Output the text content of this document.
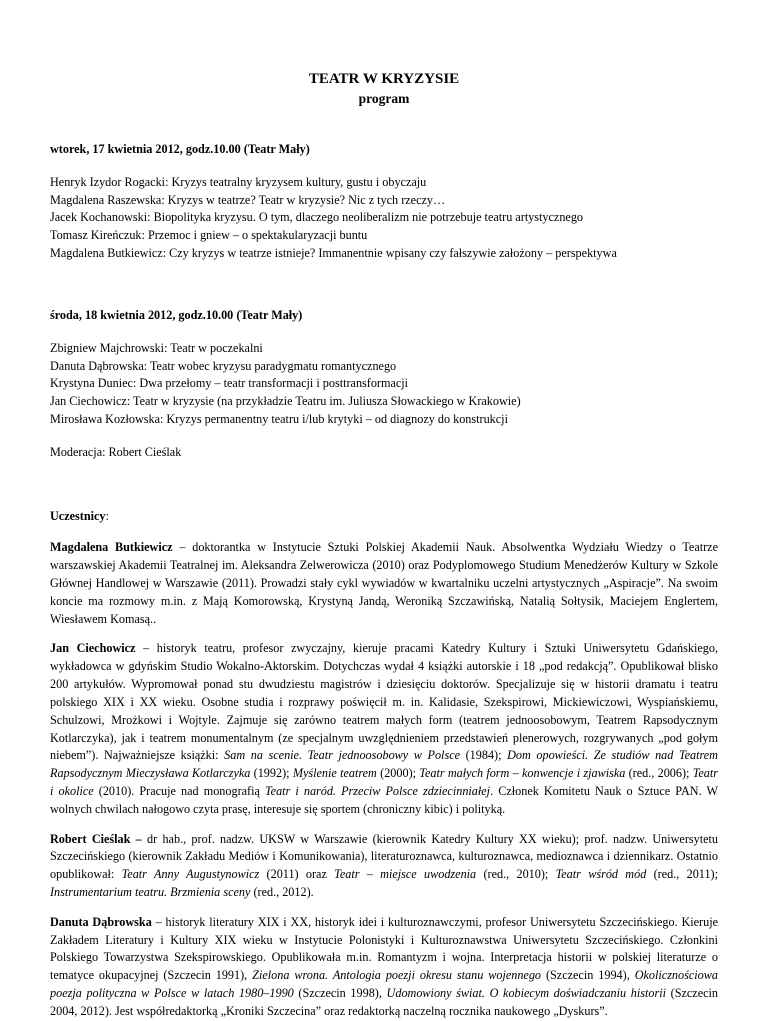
TEATR W KRYZYSIE

program

wtorek, 17 kwietnia 2012, godz.10.00 (Teatr Mały)

Henryk Izydor Rogacki: Kryzys teatralny kryzysem kultury, gustu i obyczaju

Magdalena Raszewska: Kryzys w teatrze? Teatr w kryzysie? Nic z tych rzeczy…

Jacek Kochanowski: Biopolityka kryzysu. O tym, dlaczego neoliberalizm nie potrzebuje teatru artystycznego

Tomasz Kireńczuk: Przemoc i gniew – o spektakularyzacji buntu

Magdalena Butkiewicz: Czy kryzys w teatrze istnieje? Immanentnie wpisany czy fałszywie założony – perspektywa

środa, 18 kwietnia 2012, godz.10.00 (Teatr Mały)

Zbigniew Majchrowski: Teatr w poczekalni

Danuta Dąbrowska: Teatr wobec kryzysu paradygmatu romantycznego

Krystyna Duniec: Dwa przełomy – teatr transformacji i posttransformacji

Jan Ciechowicz: Teatr w kryzysie (na przykładzie Teatru im. Juliusza Słowackiego w Krakowie)

Mirosława Kozłowska: Kryzys permanentny teatru i/lub krytyki – od diagnozy do konstrukcji

Moderacja: Robert Cieślak

Uczestnicy:

Magdalena Butkiewicz – doktorantka w Instytucie Sztuki Polskiej Akademii Nauk. Absolwentka Wydziału Wiedzy o Teatrze warszawskiej Akademii Teatralnej im. Aleksandra Zelwerowicza (2010) oraz Podyplomowego Studium Menedżerów Kultury w Szkole Głównej Handlowej w Warszawie (2011). Prowadzi stały cykl wywiadów w kwartalniku uczelni artystycznych „Aspiracje”. Na swoim koncie ma rozmowy m.in. z Mają Komorowską, Krystyną Jandą, Weroniką Szczawińską, Natalią Sołtysik, Maciejem Englertem, Wiesławem Komasą..

Jan Ciechowicz – historyk teatru, profesor zwyczajny, kieruje pracami Katedry Kultury i Sztuki Uniwersytetu Gdańskiego, wykładowca w gdyńskim Studio Wokalno-Aktorskim. Dotychczas wydał 4 książki autorskie i 18 „pod redakcją”. Opublikował blisko 200 artykułów. Wypromował ponad stu dwudziestu magistrów i dziesięciu doktorów. Specjalizuje się w historii dramatu i teatru polskiego XIX i XX wieku. Osobne studia i rozprawy poświęcił m. in. Kalidasie, Szekspirowi, Mickiewiczowi, Wyspiańskiemu, Schulzowi, Mrożkowi i Wojtyle. Zajmuje się zarówno teatrem małych form (teatrem jednoosobowym, Teatrem Rapsodycznym Kotlarczyka), jak i teatrem monumentalnym (ze specjalnym uwzględnieniem przedstawień plenerowych, rozgrywanych „pod gołym niebem”). Najważniejsze książki: Sam na scenie. Teatr jednoosobowy w Polsce (1984); Dom opowieści. Ze studiów nad Teatrem Rapsodycznym Mieczysława Kotlarczyka (1992); Myślenie teatrem (2000); Teatr małych form – konwencje i zjawiska (red., 2006); Teatr i okolice (2010). Pracuje nad monografią Teatr i naród. Przeciw Polsce zdziecinniałej. Członek Komitetu Nauk o Sztuce PAN. W wolnych chwilach nałogowo czyta prasę, interesuje się sportem (chroniczny kibic) i polityką.

Robert Cieślak – dr hab., prof. nadzw. UKSW w Warszawie (kierownik Katedry Kultury XX wieku); prof. nadzw. Uniwersytetu Szczecińskiego (kierownik Zakładu Mediów i Komunikowania), literaturoznawca, kulturoznawca, medioznawca i dziennikarz. Ostatnio opublikował: Teatr Anny Augustynowicz (2011) oraz Teatr – miejsce uwodzenia (red., 2010); Teatr wśród mód (red., 2011); Instrumentarium teatru. Brzmienia sceny (red., 2012).

Danuta Dąbrowska – historyk literatury XIX i XX, historyk idei i kulturoznawczymi, profesor Uniwersytetu Szczecińskiego. Kieruje Zakładem Literatury i Kultury XIX wieku w Instytucie Polonistyki i Kulturoznawstwa Uniwersytetu Szczecińskiego. Członkini Polskiego Towarzystwa Szekspirowskiego. Opublikowała m.in. Romantyzm i wojna. Interpretacja historii w polskiej literaturze o tematyce okupacyjnej (Szczecin 1991), Zielona wrona. Antologia poezji okresu stanu wojennego (Szczecin 1994), Okolicznościowa poezja polityczna w Polsce w latach 1980–1990 (Szczecin 1998), Udomowiony świat. O kobiecym doświadczaniu historii (Szczecin 2004, 2012). Jest współredaktorką „Kroniki Szczecina” oraz redaktorką naczelną rocznika naukowego „Dyskurs”.
